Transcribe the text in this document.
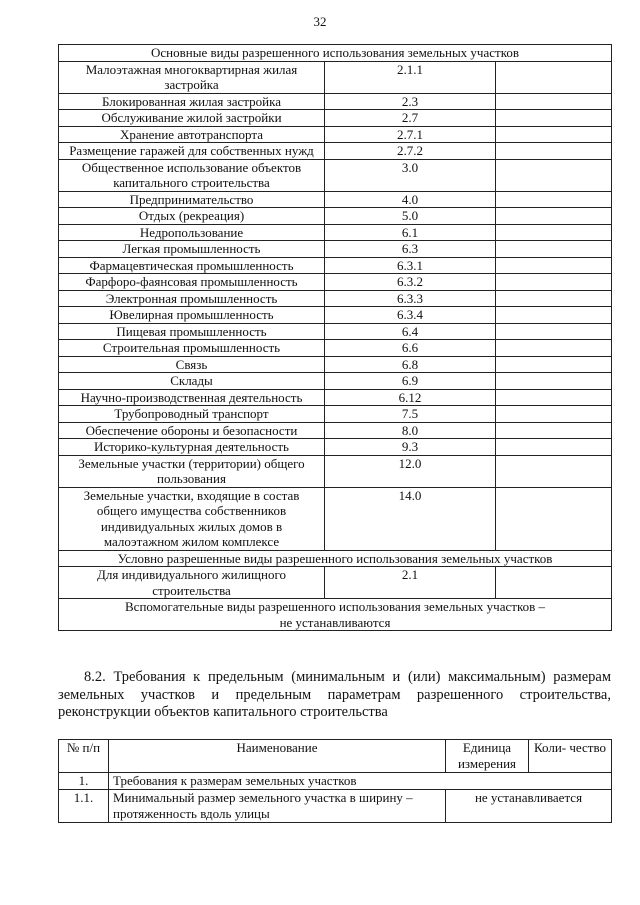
32
Основные виды разрешенного использования земельных участков		
Малоэтажная многоквартирная жилая застройка	2.1.1	
Блокированная жилая застройка	2.3	
Обслуживание жилой застройки	2.7	
Хранение автотранспорта	2.7.1	
Размещение гаражей для собственных нужд	2.7.2	
Общественное использование объектов капитального строительства	3.0	
Предпринимательство	4.0	
Отдых (рекреация)	5.0	
Недропользование	6.1	
Легкая промышленность	6.3	
Фармацевтическая промышленность	6.3.1	
Фарфоро-фаянсовая промышленность	6.3.2	
Электронная промышленность	6.3.3	
Ювелирная промышленность	6.3.4	
Пищевая промышленность	6.4	
Строительная промышленность	6.6	
Связь	6.8	
Склады	6.9	
Научно-производственная деятельность	6.12	
Трубопроводный транспорт	7.5	
Обеспечение обороны и безопасности	8.0	
Историко-культурная деятельность	9.3	
Земельные участки (территории) общего пользования	12.0	
Земельные участки, входящие в состав общего имущества собственников индивидуальных жилых домов в малоэтажном жилом комплексе	14.0	
Условно разрешенные виды разрешенного использования земельных участков		
Для индивидуального жилищного строительства	2.1	
Вспомогательные виды разрешенного использования земельных участков –
не устанавливаются		

8.2. Требования к предельным (минимальным и (или) максимальным) размерам земельных участков и предельным параметрам разрешенного строительства, реконструкции объектов капитального строительства

№ п/п	Наименование	Единица измерения	Коли- чество
1.	Требования к размерам земельных участков		
1.1.	Минимальный размер земельного участка в ширину – протяженность вдоль улицы	не устанавливается	
